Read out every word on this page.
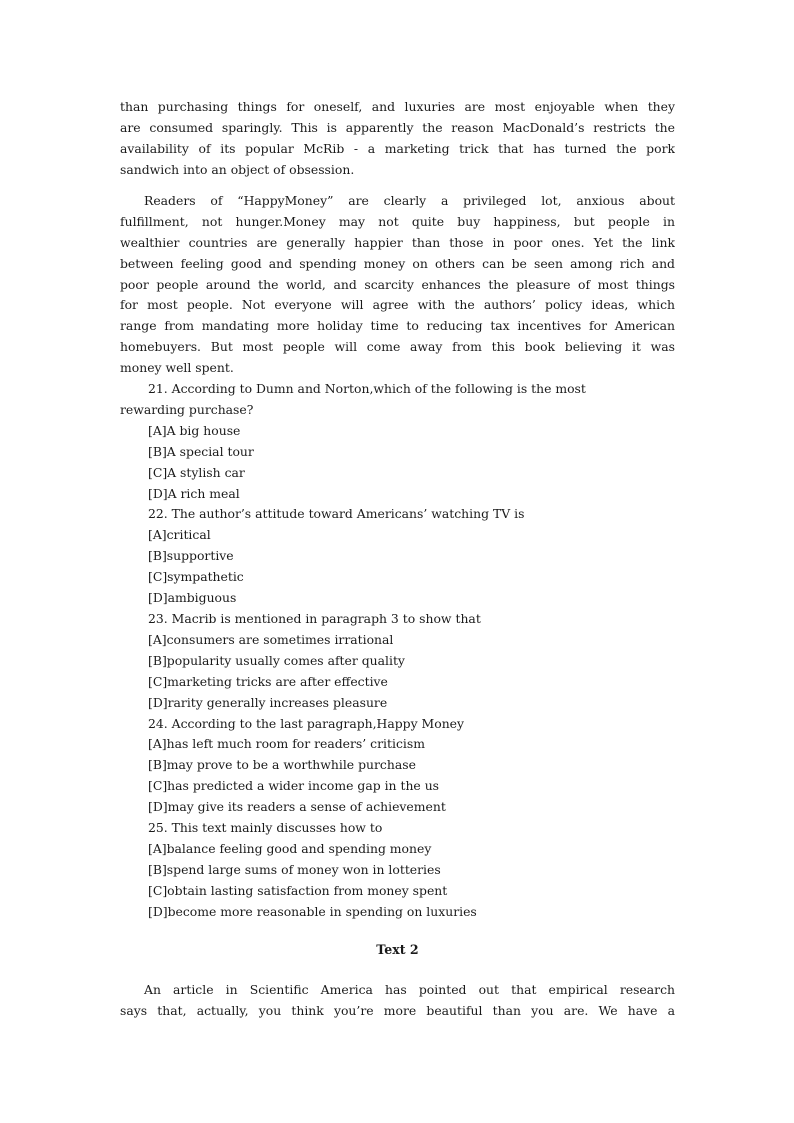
than purchasing things for oneself, and luxuries are most enjoyable when they
are consumed sparingly. This is apparently the reason MacDonald’s restricts the
availability of its popular McRib - a marketing trick that has turned the pork
sandwich into an object of obsession.
Readers of “HappyMoney” are clearly a privileged lot, anxious about
fulfillment, not hunger.Money may not quite buy happiness, but people in
wealthier countries are generally happier than those in poor ones. Yet the link
between feeling good and spending money on others can be seen among rich and
poor people around the world, and scarcity enhances the pleasure of most things
for most people. Not everyone will agree with the authors’ policy ideas, which
range from mandating more holiday time to reducing tax incentives for American
homebuyers. But most people will come away from this book believing it was
money well spent.
21. According to Dumn and Norton,which of the following is the most
rewarding purchase?
[A]A big house
[B]A special tour
[C]A stylish car
[D]A rich meal
22. The author’s attitude toward Americans’ watching TV is
[A]critical
[B]supportive
[C]sympathetic
[D]ambiguous
23. Macrib is mentioned in paragraph 3 to show that
[A]consumers are sometimes irrational
[B]popularity usually comes after quality
[C]marketing tricks are after effective
[D]rarity generally increases pleasure
24. According to the last paragraph,Happy Money
[A]has left much room for readers’ criticism
[B]may prove to be a worthwhile purchase
[C]has predicted a wider income gap in the us
[D]may give its readers a sense of achievement
25. This text mainly discusses how to
[A]balance feeling good and spending money
[B]spend large sums of money won in lotteries
[C]obtain lasting satisfaction from money spent
[D]become more reasonable in spending on luxuries
Text 2
An article in Scientific America has pointed out that empirical research
says that, actually, you think you’re more beautiful than you are. We have a
